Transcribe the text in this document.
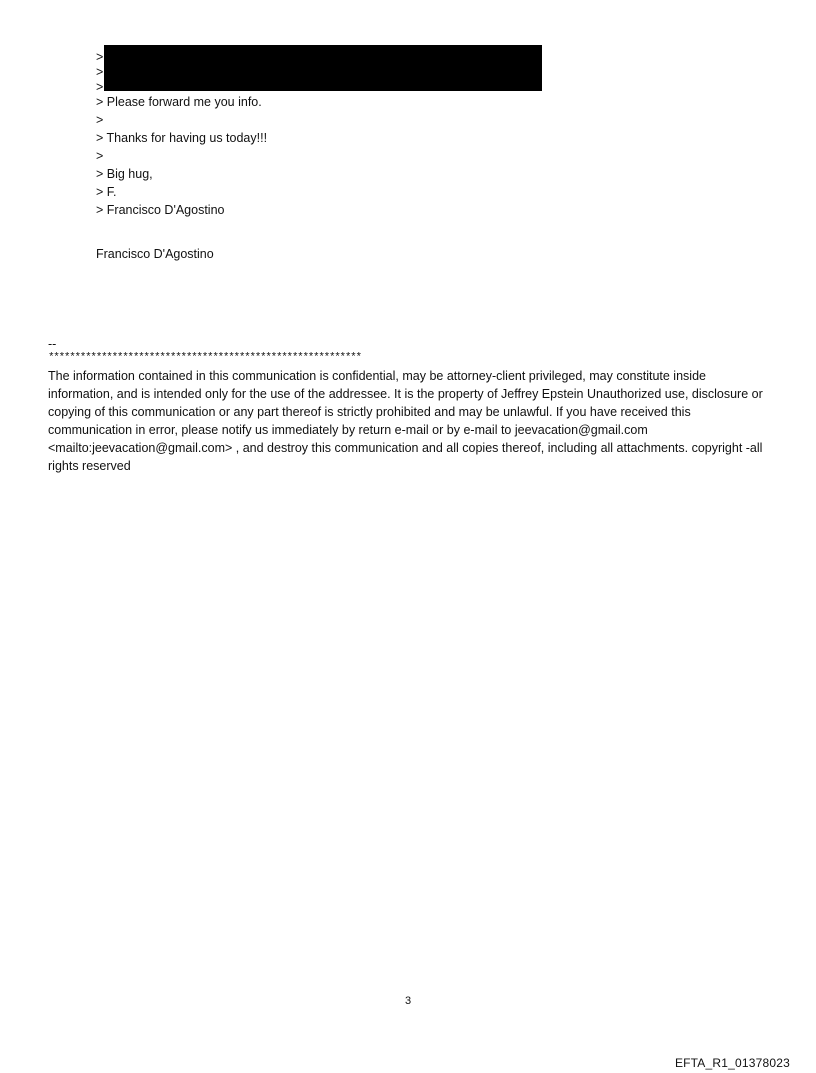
>
>
>
> Please forward me you info.
>
> Thanks for having us today!!!
>
> Big hug,
> F.
> Francisco D'Agostino
Francisco D'Agostino
--
***********************************************************

The information contained in this communication is confidential, may be attorney-client privileged, may constitute inside information, and is intended only for the use of the addressee. It is the property of Jeffrey Epstein Unauthorized use, disclosure or copying of this communication or any part thereof is strictly prohibited and may be unlawful. If you have received this communication in error, please notify us immediately by return e-mail or by e-mail to jeevacation@gmail.com <mailto:jeevacation@gmail.com> , and destroy this communication and all copies thereof, including all attachments. copyright -all rights reserved

3
EFTA_R1_01378023
